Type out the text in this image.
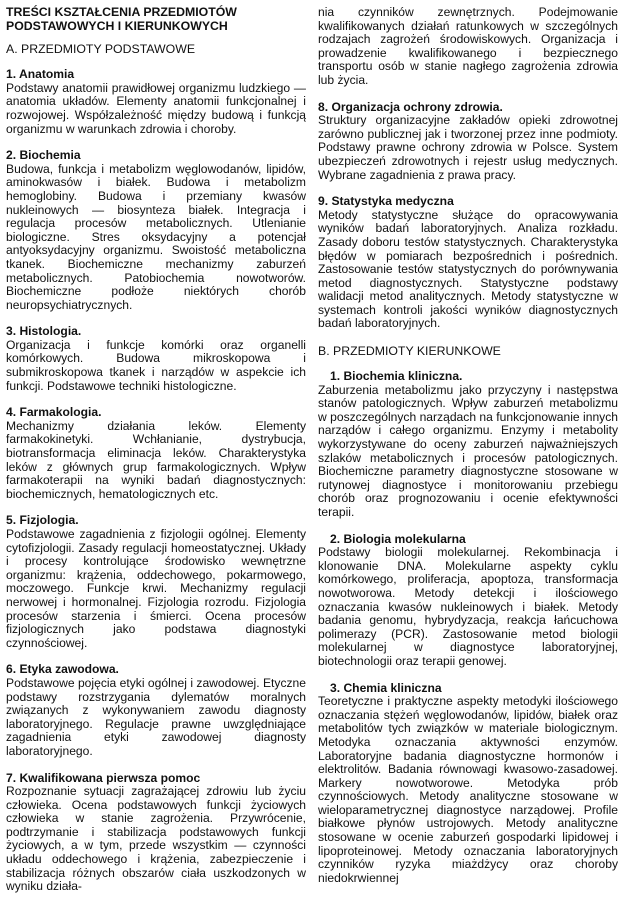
TREŚCI KSZTAŁCENIA PRZEDMIOTÓW PODSTAWOWYCH I KIERUNKOWYCH
A. PRZEDMIOTY PODSTAWOWE
1. Anatomia
Podstawy anatomii prawidłowej organizmu ludzkiego — anatomia układów. Elementy anatomii funkcjonalnej i rozwojowej. Współzależność między budową i funkcją organizmu w warunkach zdrowia i choroby.
2. Biochemia
Budowa, funkcja i metabolizm węglowodanów, lipidów, aminokwasów i białek. Budowa i metabolizm hemoglobiny. Budowa i przemiany kwasów nukleinowych — biosynteza białek. Integracja i regulacja procesów metabolicznych. Utlenianie biologiczne. Stres oksydacyjny a potencjał antyoksydacyjny organizmu. Swoistość metaboliczna tkanek. Biochemiczne mechanizmy zaburzeń metabolicznych. Patobiochemia nowotworów. Biochemiczne podłoże niektórych chorób neuropsychiatrycznych.
3. Histologia.
Organizacja i funkcje komórki oraz organelli komórkowych. Budowa mikroskopowa i submikroskopowa tkanek i narządów w aspekcie ich funkcji. Podstawowe techniki histologiczne.
4. Farmakologia.
Mechanizmy działania leków. Elementy farmakokinetyki. Wchłanianie, dystrybucja, biotransformacja eliminacja leków. Charakterystyka leków z głównych grup farmakologicznych. Wpływ farmakoterapii na wyniki badań diagnostycznych: biochemicznych, hematologicznych etc.
5. Fizjologia.
Podstawowe zagadnienia z fizjologii ogólnej. Elementy cytofizjologii. Zasady regulacji homeostatycznej. Układy i procesy kontrolujące środowisko wewnętrzne organizmu: krążenia, oddechowego, pokarmowego, moczowego. Funkcje krwi. Mechanizmy regulacji nerwowej i hormonalnej. Fizjologia rozrodu. Fizjologia procesów starzenia i śmierci. Ocena procesów fizjologicznych jako podstawa diagnostyki czynnościowej.
6. Etyka zawodowa.
Podstawowe pojęcia etyki ogólnej i zawodowej. Etyczne podstawy rozstrzygania dylematów moralnych związanych z wykonywaniem zawodu diagnosty laboratoryjnego. Regulacje prawne uwzględniające zagadnienia etyki zawodowej diagnosty laboratoryjnego.
7. Kwalifikowana pierwsza pomoc
Rozpoznanie sytuacji zagrażającej zdrowiu lub życiu człowieka. Ocena podstawowych funkcji życiowych człowieka w stanie zagrożenia. Przywrócenie, podtrzymanie i stabilizacja podstawowych funkcji życiowych, a w tym, przede wszystkim — czynności układu oddechowego i krążenia, zabezpieczenie i stabilizacja różnych obszarów ciała uszkodzonych w wyniku działa-
nia czynników zewnętrznych. Podejmowanie kwalifikowanych działań ratunkowych w szczególnych rodzajach zagrożeń środowiskowych. Organizacja i prowadzenie kwalifikowanego i bezpiecznego transportu osób w stanie nagłego zagrożenia zdrowia lub życia.
8. Organizacja ochrony zdrowia.
Struktury organizacyjne zakładów opieki zdrowotnej zarówno publicznej jak i tworzonej przez inne podmioty. Podstawy prawne ochrony zdrowia w Polsce. System ubezpieczeń zdrowotnych i rejestr usług medycznych. Wybrane zagadnienia z prawa pracy.
9. Statystyka medyczna
Metody statystyczne służące do opracowywania wyników badań laboratoryjnych. Analiza rozkładu. Zasady doboru testów statystycznych. Charakterystyka błędów w pomiarach bezpośrednich i pośrednich. Zastosowanie testów statystycznych do porównywania metod diagnostycznych. Statystyczne podstawy walidacji metod analitycznych. Metody statystyczne w systemach kontroli jakości wyników diagnostycznych badań laboratoryjnych.
B. PRZEDMIOTY KIERUNKOWE
1. Biochemia kliniczna.
Zaburzenia metabolizmu jako przyczyny i następstwa stanów patologicznych. Wpływ zaburzeń metabolizmu w poszczególnych narządach na funkcjonowanie innych narządów i całego organizmu. Enzymy i metabolity wykorzystywane do oceny zaburzeń najważniejszych szlaków metabolicznych i procesów patologicznych. Biochemiczne parametry diagnostyczne stosowane w rutynowej diagnostyce i monitorowaniu przebiegu chorób oraz prognozowaniu i ocenie efektywności terapii.
2. Biologia molekularna
Podstawy biologii molekularnej. Rekombinacja i klonowanie DNA. Molekularne aspekty cyklu komórkowego, proliferacja, apoptoza, transformacja nowotworowa. Metody detekcji i ilościowego oznaczania kwasów nukleinowych i białek. Metody badania genomu, hybrydyzacja, reakcja łańcuchowa polimerazy (PCR). Zastosowanie metod biologii molekularnej w diagnostyce laboratoryjnej, biotechnologii oraz terapii genowej.
3. Chemia kliniczna
Teoretyczne i praktyczne aspekty metodyki ilościowego oznaczania stężeń węglowodanów, lipidów, białek oraz metabolitów tych związków w materiale biologicznym. Metodyka oznaczania aktywności enzymów. Laboratoryjne badania diagnostyczne hormonów i elektrolitów. Badania równowagi kwasowo-zasadowej. Markery nowotworowe. Metodyka prób czynnościowych. Metody analityczne stosowane w wieloparametrycznej diagnostyce narządowej. Profile białkowe płynów ustrojowych. Metody analityczne stosowane w ocenie zaburzeń gospodarki lipidowej i lipoproteinowej. Metody oznaczania laboratoryjnych czynników ryzyka miażdżycy oraz choroby niedokrwiennej
